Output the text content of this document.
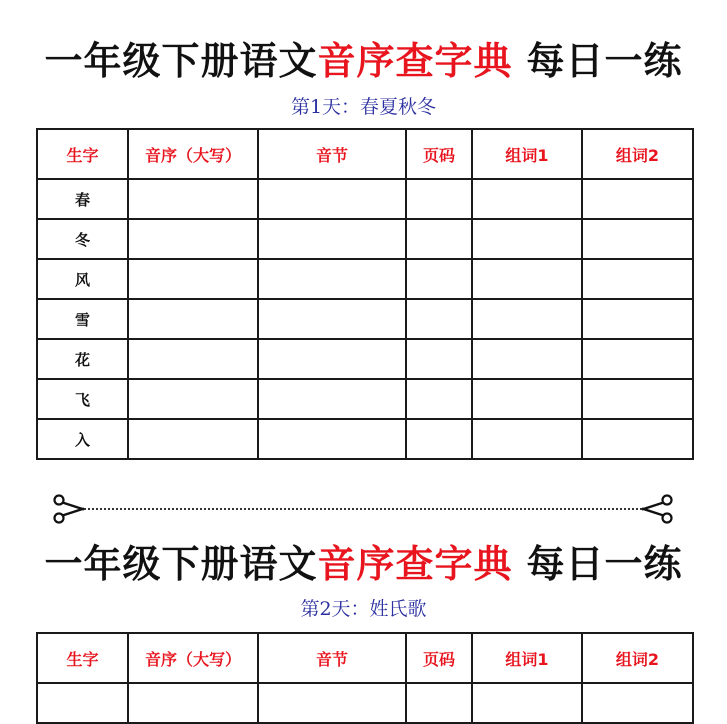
一年级下册语文音序查字典 每日一练
第1天：春夏秋冬
生字	音序（大写）	音节	页码	组词1	组词2
春					
冬					
风					
雪					
花					
飞					
入					
一年级下册语文音序查字典 每日一练
第2天：姓氏歌
生字	音序（大写）	音节	页码	组词1	组词2
